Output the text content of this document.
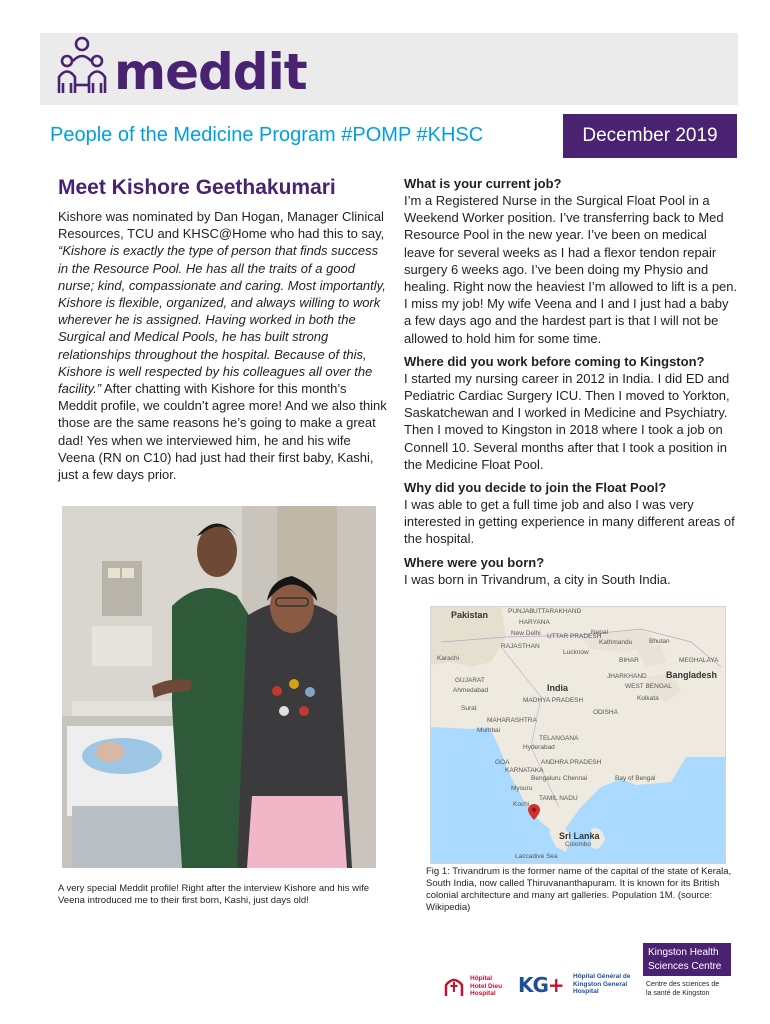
meddit
People of the Medicine Program #POMP #KHSC	December 2019
Meet Kishore Geethakumari
Kishore was nominated by Dan Hogan, Manager Clinical Resources, TCU and KHSC@Home who had this to say, “Kishore is exactly the type of person that finds success in the Resource Pool. He has all the traits of a good nurse; kind, compassionate and caring. Most importantly, Kishore is flexible, organized, and always willing to work wherever he is assigned. Having worked in both the Surgical and Medical Pools, he has built strong relationships throughout the hospital. Because of this, Kishore is well respected by his colleagues all over the facility.” After chatting with Kishore for this month’s Meddit profile, we couldn’t agree more! And we also think those are the same reasons he’s going to make a great dad! Yes when we interviewed him, he and his wife Veena (RN on C10) had just had their first baby, Kashi, just a few days prior.
A very special Meddit profile! Right after the interview Kishore and his wife Veena introduced me to their first born, Kashi, just days old!
What is your current job?
I’m a Registered Nurse in the Surgical Float Pool in a Weekend Worker position. I’ve transferring back to Med Resource Pool in the new year. I’ve been on medical leave for several weeks as I had a flexor tendon repair surgery 6 weeks ago. I’ve been doing my Physio and healing. Right now the heaviest I’m allowed to lift is a pen. I miss my job! My wife Veena and I and I just had a baby a few days ago and the hardest part is that I will not be allowed to hold him for some time.
Where did you work before coming to Kingston?
I started my nursing career in 2012 in India. I did ED and Pediatric Cardiac Surgery ICU. Then I moved to Yorkton, Saskatchewan and I worked in Medicine and Psychiatry. Then I moved to Kingston in 2018 where I took a job on Connell 10. Several months after that I took a position in the Medicine Float Pool.
Why did you decide to join the Float Pool?
I was able to get a full time job and also I was very interested in getting experience in many different areas of the hospital.
Where were you born?
I was born in Trivandrum, a city in South India.
Pakistan	PUNJAB UTTARAKHAND
HARYANA
New Delhi
RAJASTHAN
UTTAR PRADESH
Nepal
Kathmandu	Bhutan
Karachi
Lucknow
BIHAR	MEGHALAYA
Bangladesh
GUJARAT
Ahmedabad	India
JHARKHAND
WEST BENGAL
Kolkata
MADHYA PRADESH
Surat
ODISHA
MAHARASHTRA
Mumbai
TELANGANA
Hyderabad
GOA	ANDHRA PRADESH
KARNATAKA
Bay of Bengal
Chennai
Bengaluru
Mysuru
TAMIL NADU
Kochi
Sri Lanka
Colombo
Laccadive Sea
Fig 1: Trivandrum is the former name of the capital of the state of Kerala, South India, now called Thiruvananthapuram. It is known for its British colonial architecture and many art galleries. Population 1M. (source: Wikipedia)
Hôpital
Hotel Dieu
Hospital	KG+ Hôpital Général de
Kingston General
Hospital
Kingston Health
Sciences Centre
Centre des sciences de
la santé de Kingston
